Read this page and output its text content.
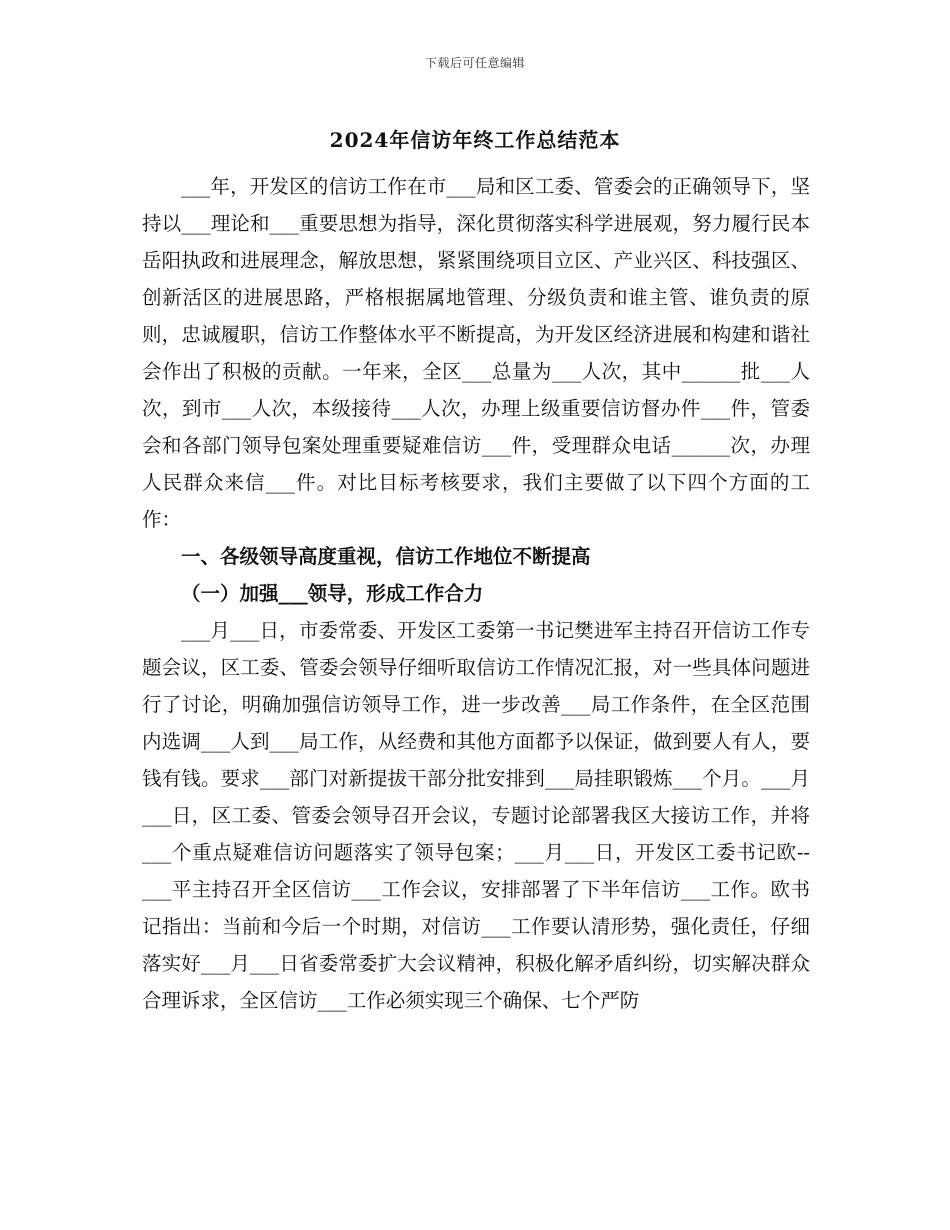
下载后可任意编辑
2024年信访年终工作总结范本

___年，开发区的信访工作在市___局和区工委、管委会的正确领导下，坚持以___理论和___重要思想为指导，深化贯彻落实科学进展观，努力履行民本岳阳执政和进展理念，解放思想，紧紧围绕项目立区、产业兴区、科技强区、创新活区的进展思路，严格根据属地管理、分级负责和谁主管、谁负责的原则，忠诚履职，信访工作整体水平不断提高，为开发区经济进展和构建和谐社会作出了积极的贡献。一年来，全区___总量为___人次，其中______批___人次，到市___人次，本级接待___人次，办理上级重要信访督办件___件，管委会和各部门领导包案处理重要疑难信访___件，受理群众电话______次，办理人民群众来信___件。对比目标考核要求，我们主要做了以下四个方面的工作：

一、各级领导高度重视，信访工作地位不断提高

（一）加强___领导，形成工作合力

___月___日，市委常委、开发区工委第一书记樊进军主持召开信访工作专题会议，区工委、管委会领导仔细听取信访工作情况汇报，对一些具体问题进行了讨论，明确加强信访领导工作，进一步改善___局工作条件，在全区范围内选调___人到___局工作，从经费和其他方面都予以保证，做到要人有人，要钱有钱。要求___部门对新提拔干部分批安排到___局挂职锻炼___个月。___月___日，区工委、管委会领导召开会议，专题讨论部署我区大接访工作，并将___个重点疑难信访问题落实了领导包案；___月___日，开发区工委书记欧--___平主持召开全区信访___工作会议，安排部署了下半年信访___工作。欧书记指出：当前和今后一个时期，对信访___工作要认清形势，强化责任，仔细落实好___月___日省委常委扩大会议精神，积极化解矛盾纠纷，切实解决群众合理诉求，全区信访___工作必须实现三个确保、七个严防
